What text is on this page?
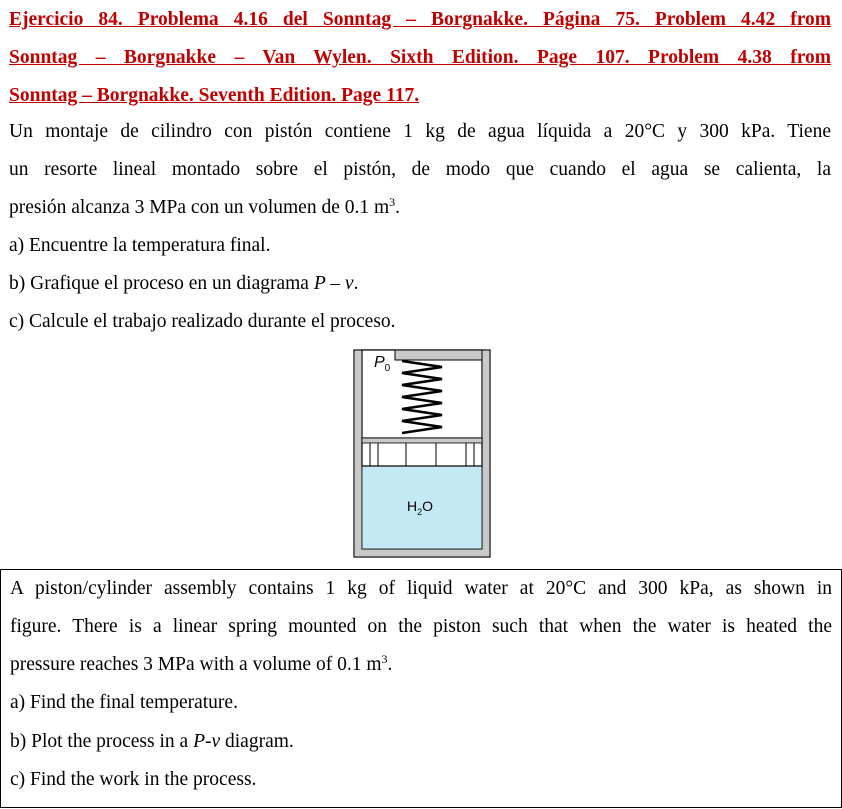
Ejercicio 84. Problema 4.16 del Sonntag – Borgnakke. Página 75. Problem 4.42 from
Sonntag – Borgnakke – Van Wylen. Sixth Edition. Page 107. Problem 4.38 from
Sonntag – Borgnakke. Seventh Edition. Page 117.
Un montaje de cilindro con pistón contiene 1 kg de agua líquida a 20°C y 300 kPa. Tiene
un resorte lineal montado sobre el pistón, de modo que cuando el agua se calienta, la
presión alcanza 3 MPa con un volumen de 0.1 $m^3$.
a) Encuentre la temperatura final.
b) Grafique el proceso en un diagrama P – v.
c) Calcule el trabajo realizado durante el proceso.
$P_0$
$H_2O$
A piston/cylinder assembly contains 1 kg of liquid water at 20°C and 300 kPa, as shown in
figure. There is a linear spring mounted on the piston such that when the water is heated the
pressure reaches 3 MPa with a volume of 0.1 $m^3$.
a) Find the final temperature.
b) Plot the process in a P-v diagram.
c) Find the work in the process.
